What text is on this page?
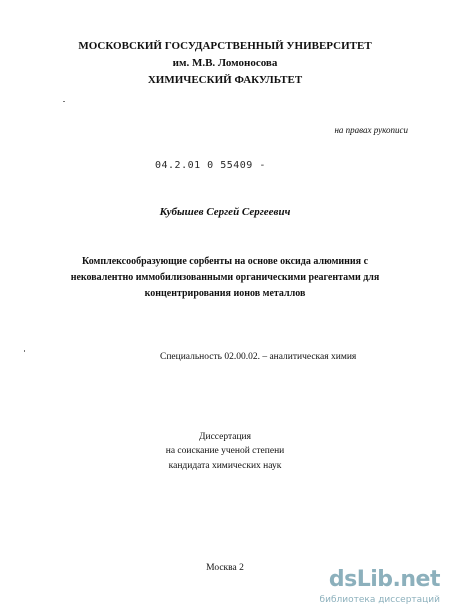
МОСКОВСКИЙ ГОСУДАРСТВЕННЫЙ УНИВЕРСИТЕТ
им. М.В. Ломоносова
ХИМИЧЕСКИЙ ФАКУЛЬТЕТ
на правах рукописи
04.2.01 0 55409 -
Кубышев Сергей Сергеевич
Комплексообразующие сорбенты на основе оксида алюминия с
нековалентно иммобилизованными органическими реагентами для
концентрирования ионов металлов
Специальность 02.00.02. – аналитическая химия
Диссертация
на соискание ученой степени
кандидата химических наук
Москва 2	dsLib.net
библиотека диссертаций
